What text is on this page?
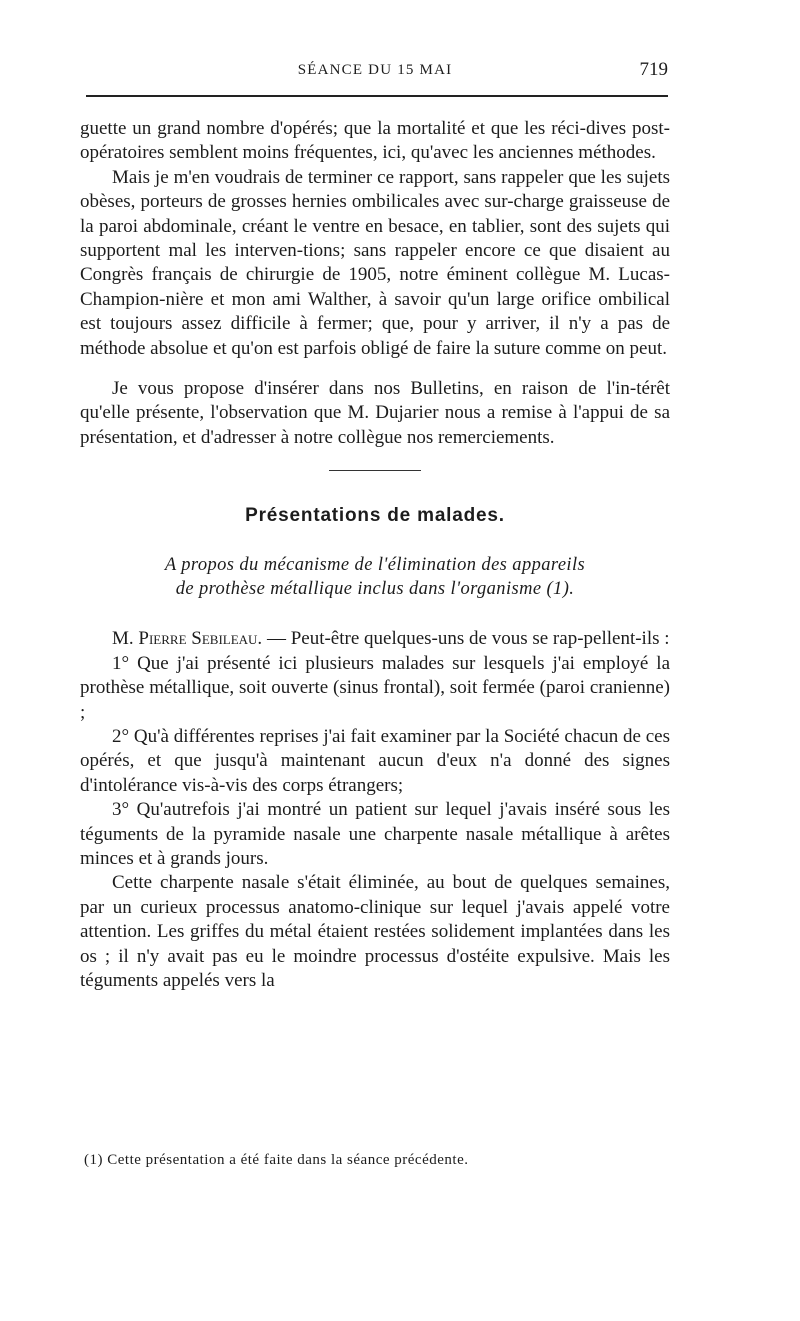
SÉANCE DU 15 MAI	719

guette un grand nombre d'opérés; que la mortalité et que les réci-dives post-opératoires semblent moins fréquentes, ici, qu'avec les anciennes méthodes.

Mais je m'en voudrais de terminer ce rapport, sans rappeler que les sujets obèses, porteurs de grosses hernies ombilicales avec sur-charge graisseuse de la paroi abdominale, créant le ventre en besace, en tablier, sont des sujets qui supportent mal les interven-tions; sans rappeler encore ce que disaient au Congrès français de chirurgie de 1905, notre éminent collègue M. Lucas-Champion-nière et mon ami Walther, à savoir qu'un large orifice ombilical est toujours assez difficile à fermer; que, pour y arriver, il n'y a pas de méthode absolue et qu'on est parfois obligé de faire la suture comme on peut.

Je vous propose d'insérer dans nos Bulletins, en raison de l'in-térêt qu'elle présente, l'observation que M. Dujarier nous a remise à l'appui de sa présentation, et d'adresser à notre collègue nos remerciements.

Présentations de malades.
A propos du mécanisme de l'élimination des appareils
de prothèse métallique inclus dans l'organisme (1).

M. Pierre Sebileau. — Peut-être quelques-uns de vous se rap-pellent-ils :

1° Que j'ai présenté ici plusieurs malades sur lesquels j'ai employé la prothèse métallique, soit ouverte (sinus frontal), soit fermée (paroi cranienne) ;

2° Qu'à différentes reprises j'ai fait examiner par la Société chacun de ces opérés, et que jusqu'à maintenant aucun d'eux n'a donné des signes d'intolérance vis-à-vis des corps étrangers;

3° Qu'autrefois j'ai montré un patient sur lequel j'avais inséré sous les téguments de la pyramide nasale une charpente nasale métallique à arêtes minces et à grands jours.

Cette charpente nasale s'était éliminée, au bout de quelques semaines, par un curieux processus anatomo-clinique sur lequel j'avais appelé votre attention. Les griffes du métal étaient restées solidement implantées dans les os ; il n'y avait pas eu le moindre processus d'ostéite expulsive. Mais les téguments appelés vers la

(1) Cette présentation a été faite dans la séance précédente.
